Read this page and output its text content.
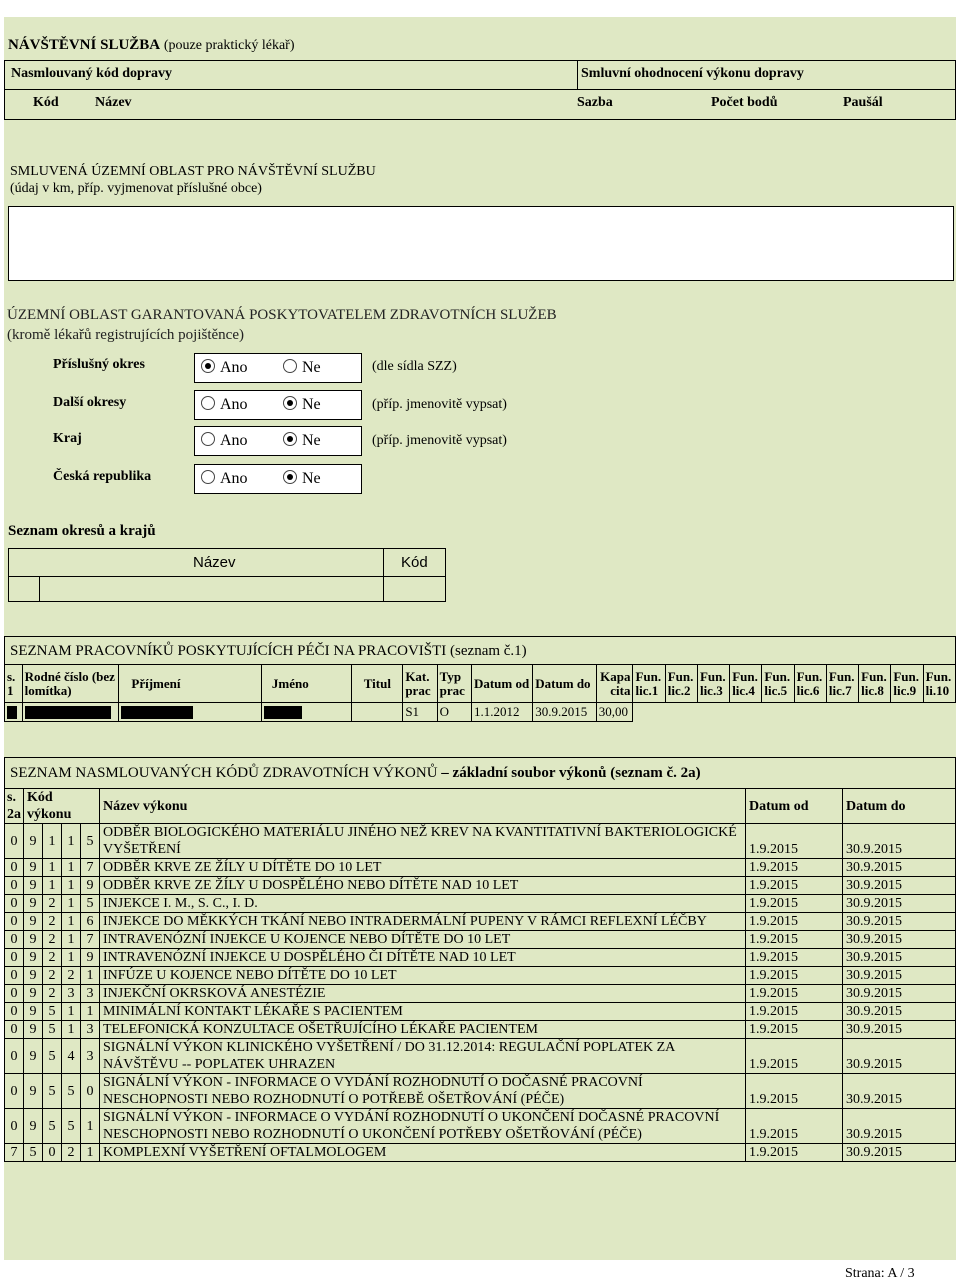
NÁVŠTĚVNÍ SLUŽBA (pouze praktický lékař)
Nasmlouvaný kód dopravy	Smluvní ohodnocení výkonu dopravy
Kód	Název	Sazba	Počet bodů	Paušál
SMLUVENÁ ÚZEMNÍ OBLAST PRO NÁVŠTĚVNÍ SLUŽBU
(údaj v km, příp. vyjmenovat příslušné obce)
ÚZEMNÍ OBLAST GARANTOVANÁ POSKYTOVATELEM ZDRAVOTNÍCH SLUŽEB
(kromě lékařů registrujících pojištěnce)
Příslušný okres	Ano	Ne	(dle sídla SZZ)
Další okresy	Ano	Ne	(příp. jmenovitě vypsat)
Kraj	Ano	Ne	(příp. jmenovitě vypsat)
Česká republika	Ano	Ne
Seznam okresů a krajů
Název	Kód
SEZNAM PRACOVNÍKŮ POSKYTUJÍCÍCH PÉČI NA PRACOVIŠTI (seznam č.1)
s. 1	Rodné číslo (bez lomítka)	Příjmení	Jméno	Titul	Kat. prac	Typ prac	Datum od	Datum do	Kapa cita	Fun. lic.1	Fun. lic.2	Fun. lic.3	Fun. lic.4	Fun. lic.5	Fun. lic.6	Fun. lic.7	Fun. lic.8	Fun. lic.9	Fun. li.10
					S1	O	1.1.2012	30.9.2015	30,00										
SEZNAM NASMLOUVANÝCH KÓDŮ ZDRAVOTNÍCH VÝKONŮ – základní soubor výkonů (seznam č. 2a)
s. 2a	Kód výkonu				Název výkonu	Datum od	Datum do
0	9	1	1	5	ODBĚR BIOLOGICKÉHO MATERIÁLU JINÉHO NEŽ KREV NA KVANTITATIVNÍ BAKTERIOLOGICKÉ VYŠETŘENÍ	1.9.2015	30.9.2015
0	9	1	1	7	ODBĚR KRVE ZE ŽÍLY U DÍTĚTE DO 10 LET	1.9.2015	30.9.2015
0	9	1	1	9	ODBĚR KRVE ZE ŽÍLY U DOSPĚLÉHO NEBO DÍTĚTE NAD 10 LET	1.9.2015	30.9.2015
0	9	2	1	5	INJEKCE I. M., S. C., I. D.	1.9.2015	30.9.2015
0	9	2	1	6	INJEKCE DO MĚKKÝCH TKÁNÍ NEBO INTRADERMÁLNÍ PUPENY V RÁMCI REFLEXNÍ LÉČBY	1.9.2015	30.9.2015
0	9	2	1	7	INTRAVENÓZNÍ INJEKCE U KOJENCE NEBO DÍTĚTE DO 10 LET	1.9.2015	30.9.2015
0	9	2	1	9	INTRAVENÓZNÍ INJEKCE U DOSPĚLÉHO ČI DÍTĚTE NAD 10 LET	1.9.2015	30.9.2015
0	9	2	2	1	INFÚZE U KOJENCE NEBO DÍTĚTE DO 10 LET	1.9.2015	30.9.2015
0	9	2	3	3	INJEKČNÍ OKRSKOVÁ ANESTÉZIE	1.9.2015	30.9.2015
0	9	5	1	1	MINIMÁLNÍ KONTAKT LÉKAŘE S PACIENTEM	1.9.2015	30.9.2015
0	9	5	1	3	TELEFONICKÁ KONZULTACE OŠETŘUJÍCÍHO LÉKAŘE PACIENTEM	1.9.2015	30.9.2015
0	9	5	4	3	SIGNÁLNÍ VÝKON KLINICKÉHO VYŠETŘENÍ / DO 31.12.2014: REGULAČNÍ POPLATEK ZA NÁVŠTĚVU -- POPLATEK UHRAZEN	1.9.2015	30.9.2015
0	9	5	5	0	SIGNÁLNÍ VÝKON - INFORMACE O VYDÁNÍ ROZHODNUTÍ O DOČASNÉ PRACOVNÍ NESCHOPNOSTI NEBO ROZHODNUTÍ O POTŘEBĚ OŠETŘOVÁNÍ (PÉČE)	1.9.2015	30.9.2015
0	9	5	5	1	SIGNÁLNÍ VÝKON - INFORMACE O VYDÁNÍ ROZHODNUTÍ O UKONČENÍ DOČASNÉ PRACOVNÍ NESCHOPNOSTI NEBO ROZHODNUTÍ O UKONČENÍ POTŘEBY OŠETŘOVÁNÍ (PÉČE)	1.9.2015	30.9.2015
7	5	0	2	1	KOMPLEXNÍ VYŠETŘENÍ OFTALMOLOGEM	1.9.2015	30.9.2015
Strana: A / 3
